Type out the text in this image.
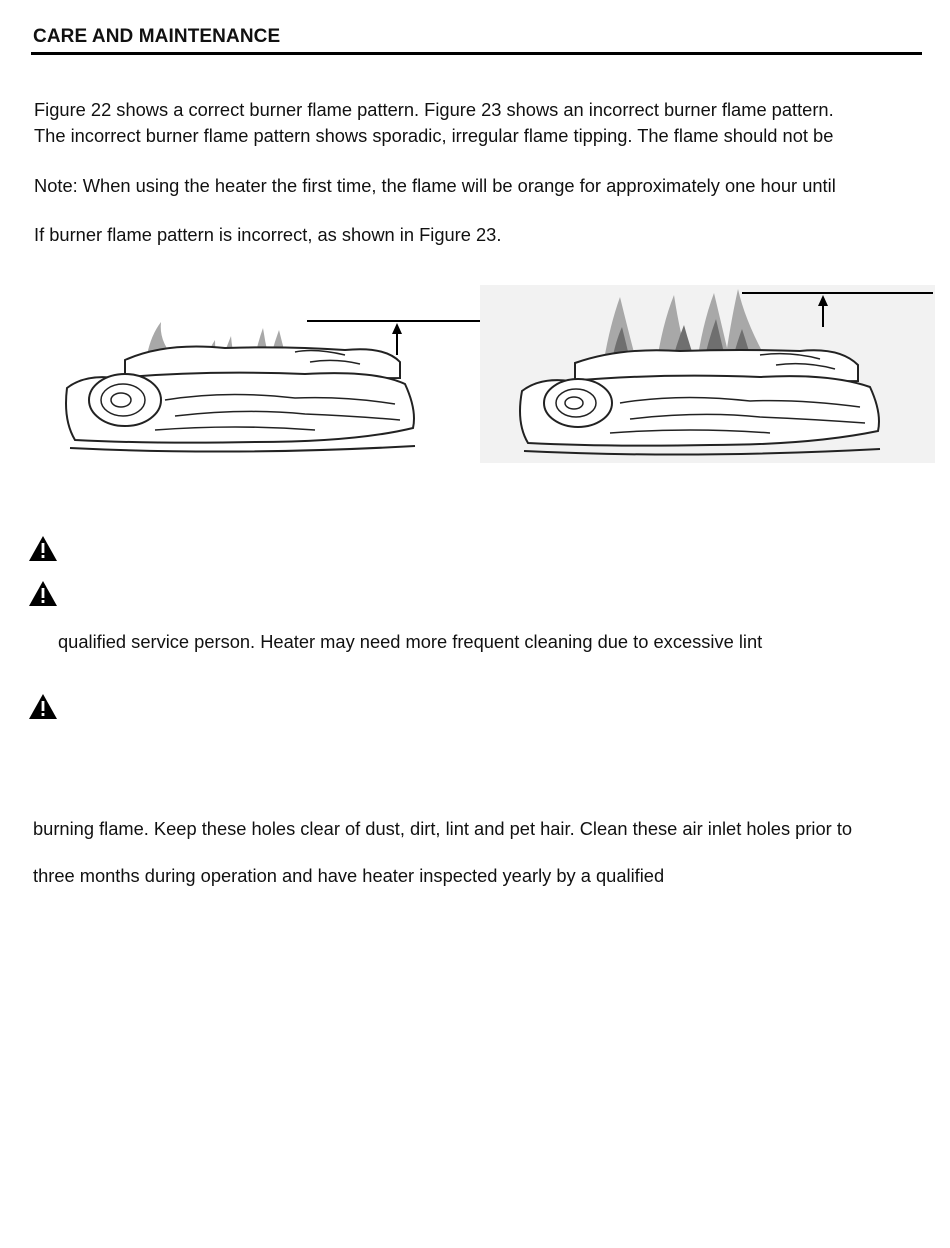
CARE AND MAINTENANCE
Figure 22 shows a correct burner flame pattern. Figure 23 shows an incorrect burner flame pattern.
The incorrect burner flame pattern shows sporadic, irregular flame tipping. The flame should not be
Note: When using the heater the first time, the flame will be orange for approximately one hour until
If burner flame pattern is incorrect, as shown in Figure 23.
qualified service person. Heater may need more frequent cleaning due to excessive lint
burning flame. Keep these holes clear of dust, dirt, lint and pet hair. Clean these air inlet holes prior to
three months during operation and have heater inspected yearly by a qualified
